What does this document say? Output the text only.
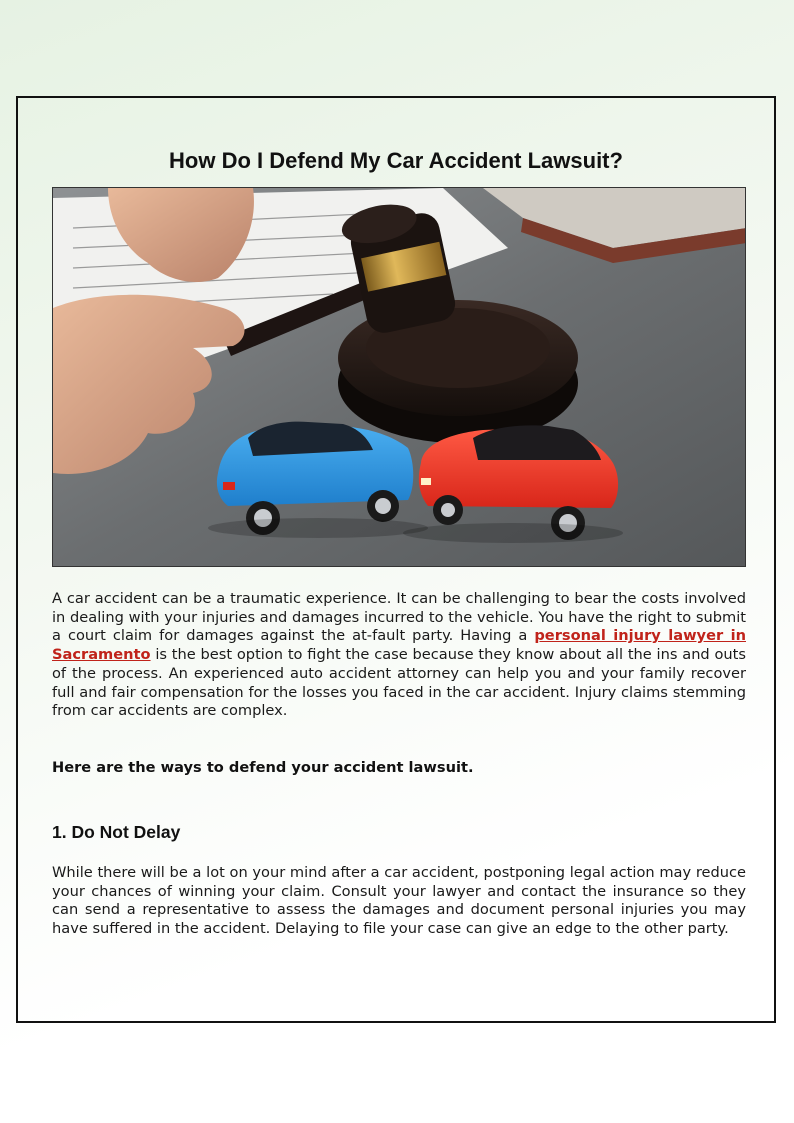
How Do I Defend My Car Accident Lawsuit?

A car accident can be a traumatic experience. It can be challenging to bear the costs involved in dealing with your injuries and damages incurred to the vehicle. You have the right to submit a court claim for damages against the at-fault party. Having a personal injury lawyer in Sacramento is the best option to fight the case because they know about all the ins and outs of the process. An experienced auto accident attorney can help you and your family recover full and fair compensation for the losses you faced in the car accident. Injury claims stemming from car accidents are complex.

Here are the ways to defend your accident lawsuit.

1. Do Not Delay

While there will be a lot on your mind after a car accident, postponing legal action may reduce your chances of winning your claim. Consult your lawyer and contact the insurance so they can send a representative to assess the damages and document personal injuries you may have suffered in the accident. Delaying to file your case can give an edge to the other party.
